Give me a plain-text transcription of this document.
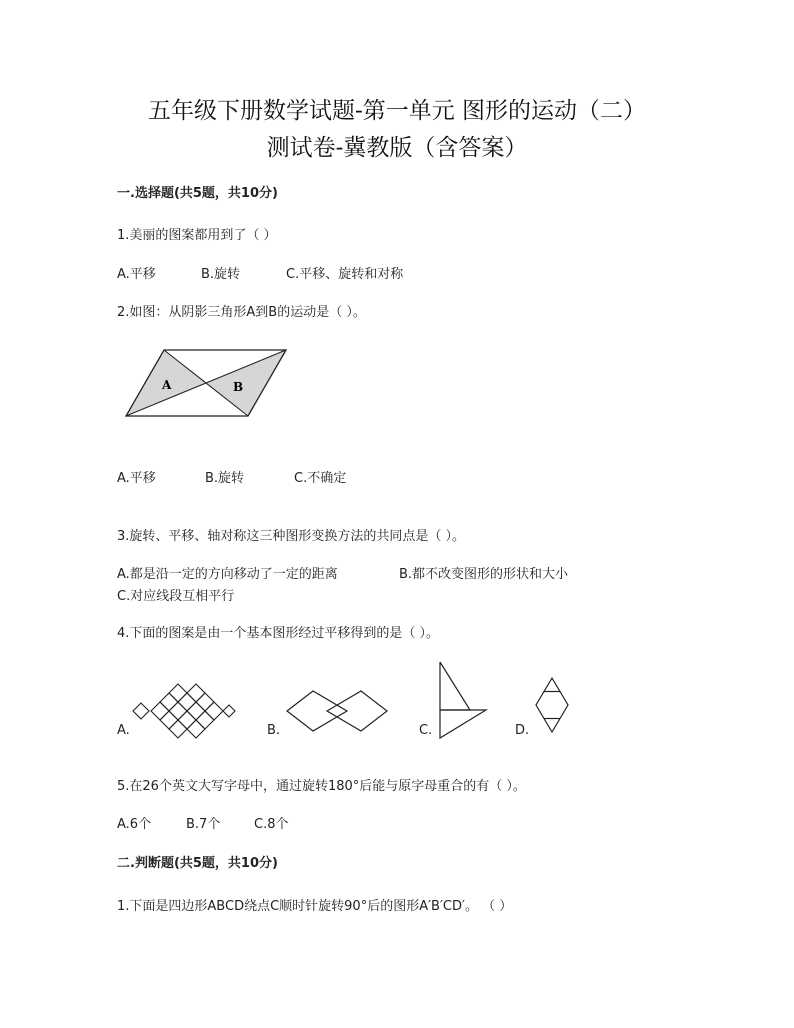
五年级下册数学试题-第一单元 图形的运动（二）
测试卷-冀教版（含答案）
一.选择题(共5题，共10分)
1.美丽的图案都用到了（ ）
A.平移	B.旋转	C.平移、旋转和对称
2.如图：从阴影三角形A到B的运动是（ ）。
A	B
A.平移	B.旋转	C.不确定
3.旋转、平移、轴对称这三种图形变换方法的共同点是（ ）。
A.都是沿一定的方向移动了一定的距离	B.都不改变图形的形状和大小
C.对应线段互相平行
4.下面的图案是由一个基本图形经过平移得到的是（ ）。
A.	B.	C.	D.
5.在26个英文大写字母中，通过旋转180°后能与原字母重合的有（ ）。
A.6个	B.7个	C.8个
二.判断题(共5题，共10分)
1.下面是四边形ABCD绕点C顺时针旋转90°后的图形A′B′CD′。 （ ）
